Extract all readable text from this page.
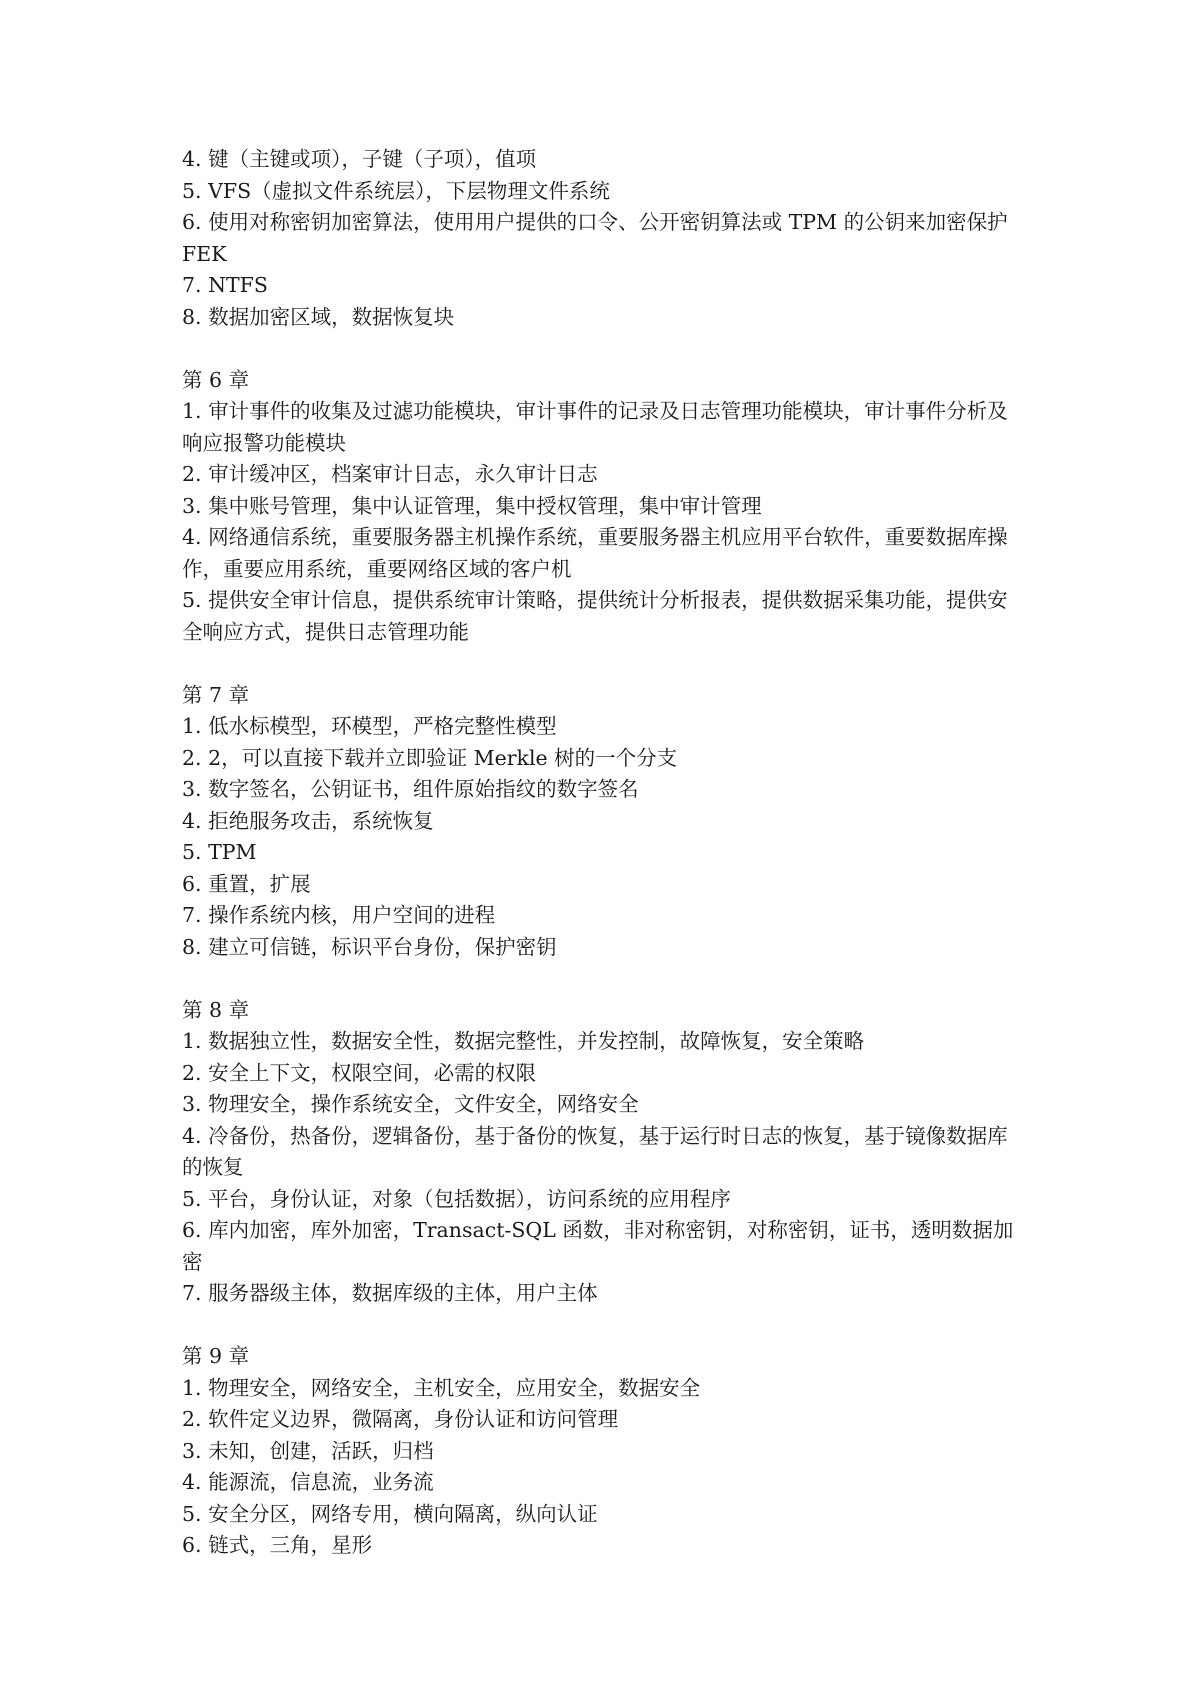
4. 键（主键或项），子键（子项），值项
5. VFS（虚拟文件系统层），下层物理文件系统
6. 使用对称密钥加密算法，使用用户提供的口令、公开密钥算法或 TPM 的公钥来加密保护FEK
7. NTFS
8. 数据加密区域，数据恢复块
第 6 章
1. 审计事件的收集及过滤功能模块，审计事件的记录及日志管理功能模块，审计事件分析及响应报警功能模块
2. 审计缓冲区，档案审计日志，永久审计日志
3. 集中账号管理，集中认证管理，集中授权管理，集中审计管理
4. 网络通信系统，重要服务器主机操作系统，重要服务器主机应用平台软件，重要数据库操作，重要应用系统，重要网络区域的客户机
5. 提供安全审计信息，提供系统审计策略，提供统计分析报表，提供数据采集功能，提供安全响应方式，提供日志管理功能
第 7 章
1. 低水标模型，环模型，严格完整性模型
2. 2，可以直接下载并立即验证 Merkle 树的一个分支
3. 数字签名，公钥证书，组件原始指纹的数字签名
4. 拒绝服务攻击，系统恢复
5. TPM
6. 重置，扩展
7. 操作系统内核，用户空间的进程
8. 建立可信链，标识平台身份，保护密钥
第 8 章
1. 数据独立性，数据安全性，数据完整性，并发控制，故障恢复，安全策略
2. 安全上下文，权限空间，必需的权限
3. 物理安全，操作系统安全，文件安全，网络安全
4. 冷备份，热备份，逻辑备份，基于备份的恢复，基于运行时日志的恢复，基于镜像数据库的恢复
5. 平台，身份认证，对象（包括数据），访问系统的应用程序
6. 库内加密，库外加密，Transact-SQL 函数，非对称密钥，对称密钥，证书，透明数据加密
7. 服务器级主体，数据库级的主体，用户主体
第 9 章
1. 物理安全，网络安全，主机安全，应用安全，数据安全
2. 软件定义边界，微隔离，身份认证和访问管理
3. 未知，创建，活跃，归档
4. 能源流，信息流，业务流
5. 安全分区，网络专用，横向隔离，纵向认证
6. 链式，三角，星形
